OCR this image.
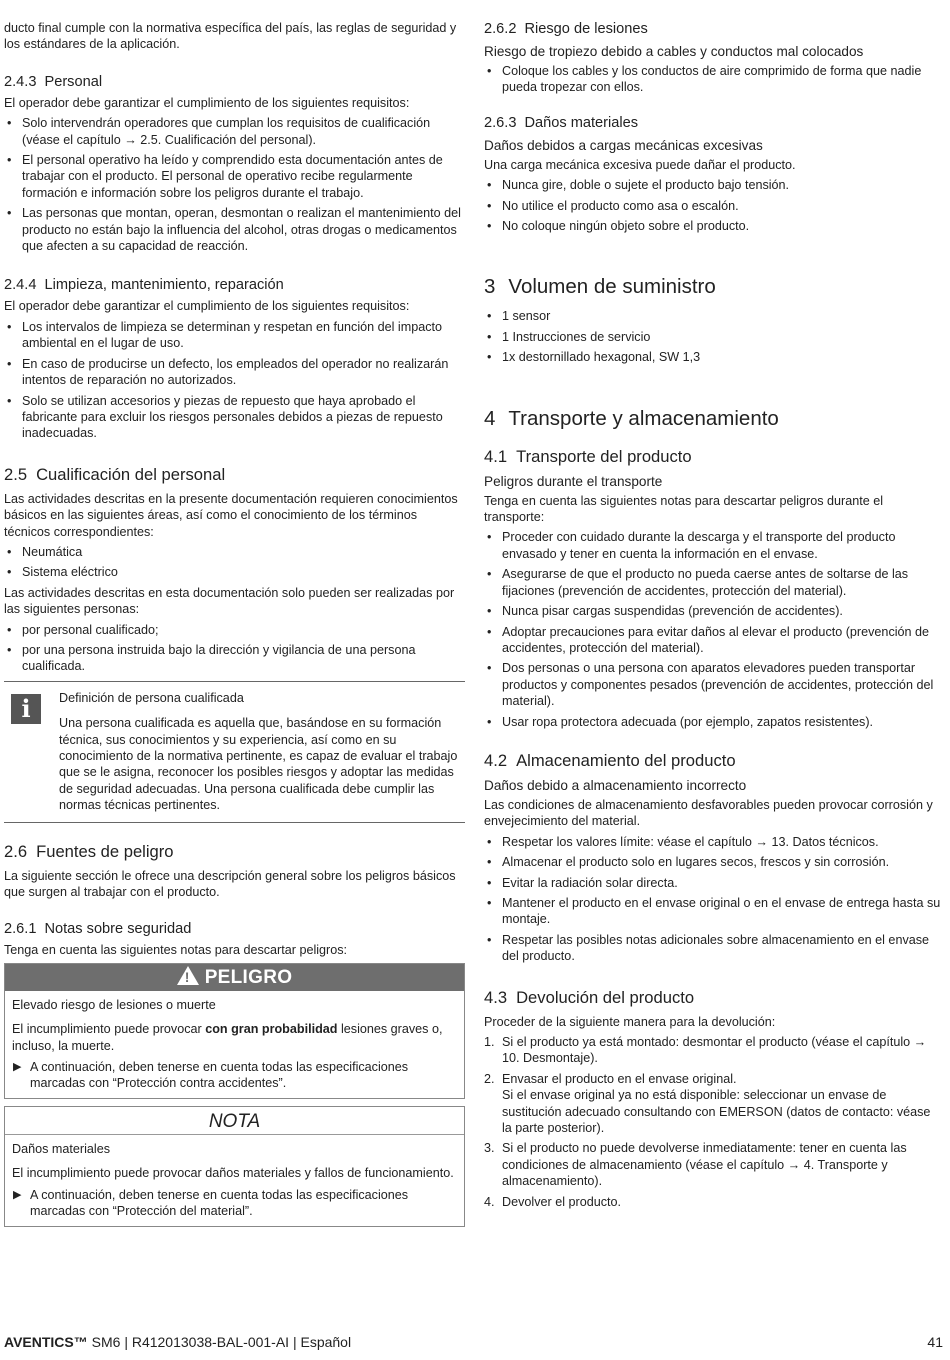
ducto final cumple con la normativa específica del país, las reglas de seguridad y los estándares de la aplicación.

2.4.3 Personal

El operador debe garantizar el cumplimiento de los siguientes requisitos:

• Solo intervendrán operadores que cumplan los requisitos de cualificación (véase el capítulo → 2.5. Cualificación del personal).
• El personal operativo ha leído y comprendido esta documentación antes de trabajar con el producto. El personal de operativo recibe regularmente formación e información sobre los peligros durante el trabajo.
• Las personas que montan, operan, desmontan o realizan el mantenimiento del producto no están bajo la influencia del alcohol, otras drogas o medicamentos que afecten a su capacidad de reacción.
2.4.4 Limpieza, mantenimiento, reparación

El operador debe garantizar el cumplimiento de los siguientes requisitos:

• Los intervalos de limpieza se determinan y respetan en función del impacto ambiental en el lugar de uso.
• En caso de producirse un defecto, los empleados del operador no realizarán intentos de reparación no autorizados.
• Solo se utilizan accesorios y piezas de repuesto que haya aprobado el fabricante para excluir los riesgos personales debidos a piezas de repuesto inadecuadas.
2.5 Cualificación del personal

Las actividades descritas en la presente documentación requieren conocimientos básicos en las siguientes áreas, así como el conocimiento de los términos técnicos correspondientes:

• Neumática
• Sistema eléctrico

Las actividades descritas en esta documentación solo pueden ser realizadas por las siguientes personas:

• por personal cualificado;
• por una persona instruida bajo la dirección y vigilancia de una persona cualificada.
i	Definición de persona cualificada

Una persona cualificada es aquella que, basándose en su formación técnica, sus conocimientos y su experiencia, así como en su conocimiento de la normativa pertinente, es capaz de evaluar el trabajo que se le asigna, reconocer los posibles riesgos y adoptar las medidas de seguridad adecuadas. Una persona cualificada debe cumplir las normas técnicas pertinentes.

2.6 Fuentes de peligro

La siguiente sección le ofrece una descripción general sobre los peligros básicos que surgen al trabajar con el producto.

2.6.1 Notas sobre seguridad

Tenga en cuenta las siguientes notas para descartar peligros:

!PELIGRO

Elevado riesgo de lesiones o muerte

El incumplimiento puede provocar con gran probabilidad lesiones graves o, incluso, la muerte.

▶ A continuación, deben tenerse en cuenta todas las especificaciones marcadas con “Protección contra accidentes”.
NOTA

Daños materiales

El incumplimiento puede provocar daños materiales y fallos de funcionamiento.

▶ A continuación, deben tenerse en cuenta todas las especificaciones marcadas con “Protección del material”.
2.6.2 Riesgo de lesiones

Riesgo de tropiezo debido a cables y conductos mal colocados

• Coloque los cables y los conductos de aire comprimido de forma que nadie pueda tropezar con ellos.
2.6.3 Daños materiales

Daños debidos a cargas mecánicas excesivas

Una carga mecánica excesiva puede dañar el producto.

• Nunca gire, doble o sujete el producto bajo tensión.
• No utilice el producto como asa o escalón.
• No coloque ningún objeto sobre el producto.
3 Volumen de suministro
• 1 sensor
• 1 Instrucciones de servicio
• 1x destornillado hexagonal, SW 1,3
4 Transporte y almacenamiento
4.1 Transporte del producto

Peligros durante el transporte

Tenga en cuenta las siguientes notas para descartar peligros durante el transporte:

• Proceder con cuidado durante la descarga y el transporte del producto envasado y tener en cuenta la información en el envase.
• Asegurarse de que el producto no pueda caerse antes de soltarse de las fijaciones (prevención de accidentes, protección del material).
• Nunca pisar cargas suspendidas (prevención de accidentes).
• Adoptar precauciones para evitar daños al elevar el producto (prevención de accidentes, protección del material).
• Dos personas o una persona con aparatos elevadores pueden transportar productos y componentes pesados (prevención de accidentes, protección del material).
• Usar ropa protectora adecuada (por ejemplo, zapatos resistentes).
4.2 Almacenamiento del producto

Daños debido a almacenamiento incorrecto

Las condiciones de almacenamiento desfavorables pueden provocar corrosión y envejecimiento del material.

• Respetar los valores límite: véase el capítulo → 13. Datos técnicos.
• Almacenar el producto solo en lugares secos, frescos y sin corrosión.
• Evitar la radiación solar directa.
• Mantener el producto en el envase original o en el envase de entrega hasta su montaje.
• Respetar las posibles notas adicionales sobre almacenamiento en el envase del producto.
4.3 Devolución del producto

Proceder de la siguiente manera para la devolución:

1. Si el producto ya está montado: desmontar el producto (véase el capítulo → 10. Desmontaje).
2. Envasar el producto en el envase original.
Si el envase original ya no está disponible: seleccionar un envase de sustitución adecuado consultando con EMERSON (datos de contacto: véase la parte posterior).
3. Si el producto no puede devolverse inmediatamente: tener en cuenta las condiciones de almacenamiento (véase el capítulo → 4. Transporte y almacenamiento).
4. Devolver el producto.
AVENTICS™ SM6 | R412013038-BAL-001-AI | Español	41
